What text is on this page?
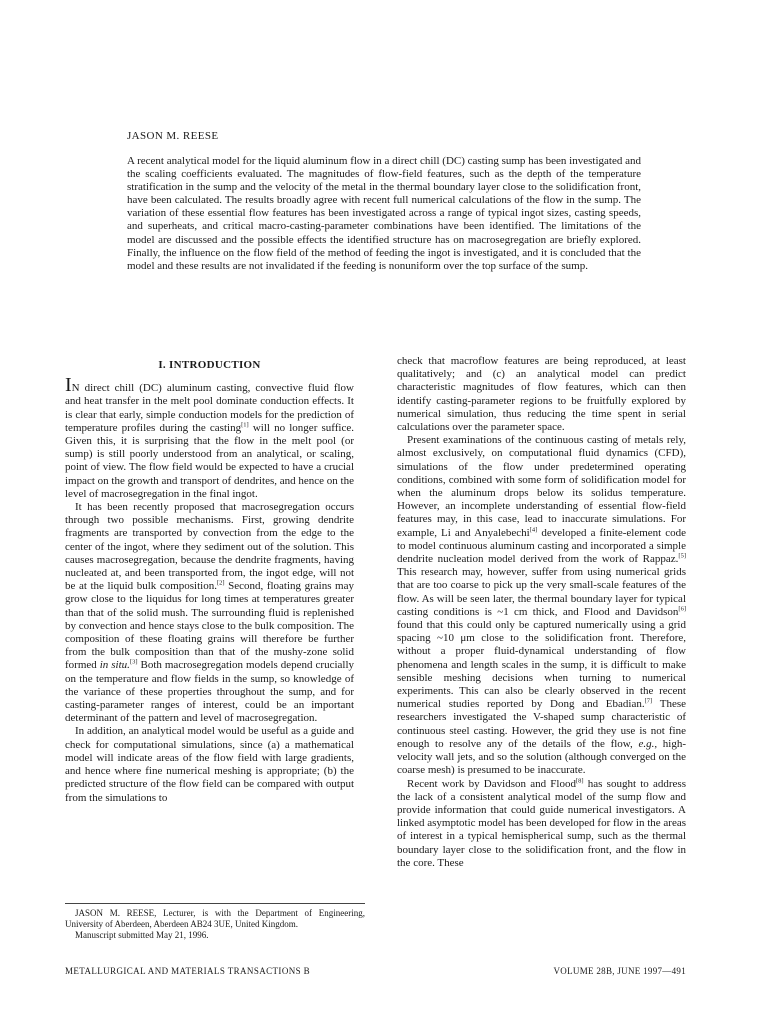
JASON M. REESE

A recent analytical model for the liquid aluminum flow in a direct chill (DC) casting sump has been investigated and the scaling coefficients evaluated. The magnitudes of flow-field features, such as the depth of the temperature stratification in the sump and the velocity of the metal in the thermal boundary layer close to the solidification front, have been calculated. The results broadly agree with recent full numerical calculations of the flow in the sump. The variation of these essential flow features has been investigated across a range of typical ingot sizes, casting speeds, and superheats, and critical macro-casting-parameter combinations have been identified. The limitations of the model are discussed and the possible effects the identified structure has on macrosegregation are briefly explored. Finally, the influence on the flow field of the method of feeding the ingot is investigated, and it is concluded that the model and these results are not invalidated if the feeding is nonuniform over the top surface of the sump.

I. INTRODUCTION

IN direct chill (DC) aluminum casting, convective fluid flow and heat transfer in the melt pool dominate conduction effects. It is clear that early, simple conduction models for the prediction of temperature profiles during the casting[1] will no longer suffice. Given this, it is surprising that the flow in the melt pool (or sump) is still poorly understood from an analytical, or scaling, point of view. The flow field would be expected to have a crucial impact on the growth and transport of dendrites, and hence on the level of macrosegregation in the final ingot.

It has been recently proposed that macrosegregation occurs through two possible mechanisms. First, growing dendrite fragments are transported by convection from the edge to the center of the ingot, where they sediment out of the solution. This causes macrosegregation, because the dendrite fragments, having nucleated at, and been transported from, the ingot edge, will not be at the liquid bulk composition.[2] Second, floating grains may grow close to the liquidus for long times at temperatures greater than that of the solid mush. The surrounding fluid is replenished by convection and hence stays close to the bulk composition. The composition of these floating grains will therefore be further from the bulk composition than that of the mushy-zone solid formed in situ.[3] Both macrosegregation models depend crucially on the temperature and flow fields in the sump, so knowledge of the variance of these properties throughout the sump, and for casting-parameter ranges of interest, could be an important determinant of the pattern and level of macrosegregation.

In addition, an analytical model would be useful as a guide and check for computational simulations, since (a) a mathematical model will indicate areas of the flow field with large gradients, and hence where fine numerical meshing is appropriate; (b) the predicted structure of the flow field can be compared with output from the simulations to

check that macroflow features are being reproduced, at least qualitatively; and (c) an analytical model can predict characteristic magnitudes of flow features, which can then identify casting-parameter regions to be fruitfully explored by numerical simulation, thus reducing the time spent in serial calculations over the parameter space.

Present examinations of the continuous casting of metals rely, almost exclusively, on computational fluid dynamics (CFD), simulations of the flow under predetermined operating conditions, combined with some form of solidification model for when the aluminum drops below its solidus temperature. However, an incomplete understanding of essential flow-field features may, in this case, lead to inaccurate simulations. For example, Li and Anyalebechi[4] developed a finite-element code to model continuous aluminum casting and incorporated a simple dendrite nucleation model derived from the work of Rappaz.[5] This research may, however, suffer from using numerical grids that are too coarse to pick up the very small-scale features of the flow. As will be seen later, the thermal boundary layer for typical casting conditions is ~1 cm thick, and Flood and Davidson[6] found that this could only be captured numerically using a grid spacing ~10 μm close to the solidification front. Therefore, without a proper fluid-dynamical understanding of flow phenomena and length scales in the sump, it is difficult to make sensible meshing decisions when turning to numerical experiments. This can also be clearly observed in the recent numerical studies reported by Dong and Ebadian.[7] These researchers investigated the V-shaped sump characteristic of continuous steel casting. However, the grid they use is not fine enough to resolve any of the details of the flow, e.g., high-velocity wall jets, and so the solution (although converged on the coarse mesh) is presumed to be inaccurate.

Recent work by Davidson and Flood[8] has sought to address the lack of a consistent analytical model of the sump flow and provide information that could guide numerical investigators. A linked asymptotic model has been developed for flow in the areas of interest in a typical hemispherical sump, such as the thermal boundary layer close to the solidification front, and the flow in the core. These

JASON M. REESE, Lecturer, is with the Department of Engineering, University of Aberdeen, Aberdeen AB24 3UE, United Kingdom.

Manuscript submitted May 21, 1996.

METALLURGICAL AND MATERIALS TRANSACTIONS B	VOLUME 28B, JUNE 1997—491
